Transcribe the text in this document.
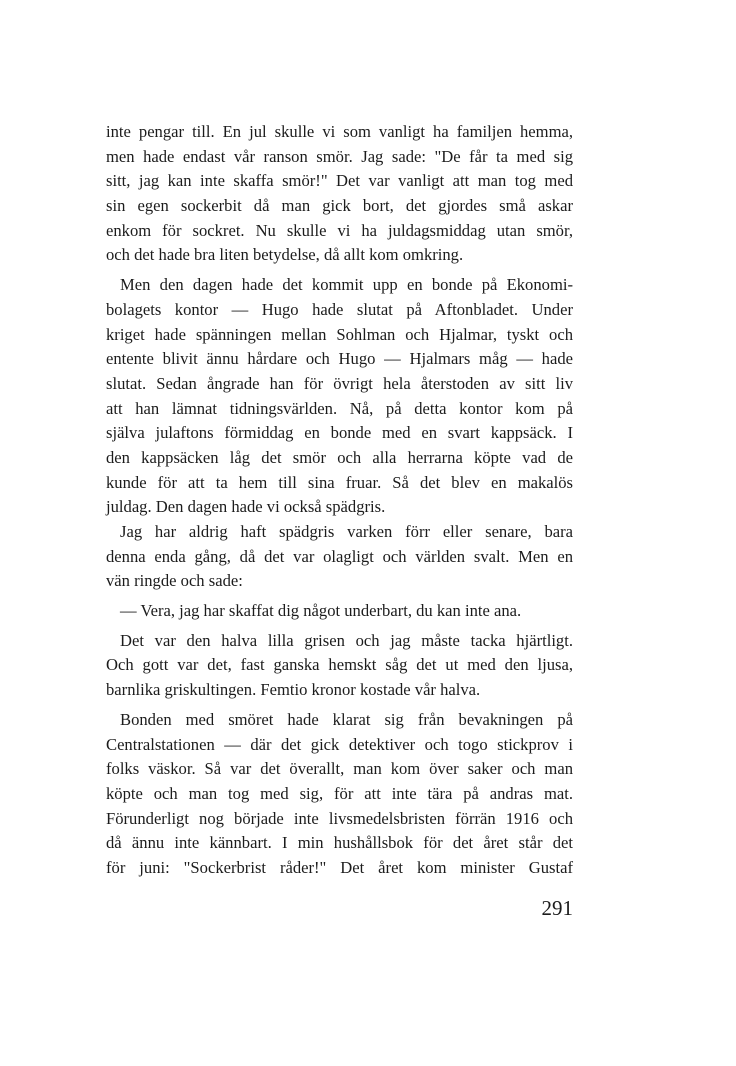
inte pengar till. En jul skulle vi som vanligt ha familjen hemma,
men hade endast vår ranson smör. Jag sade: "De får ta med sig
sitt, jag kan inte skaffa smör!" Det var vanligt att man tog med
sin egen sockerbit då man gick bort, det gjordes små askar
enkom för sockret. Nu skulle vi ha juldagsmiddag utan smör,
och det hade bra liten betydelse, då allt kom omkring.
Men den dagen hade det kommit upp en bonde på Ekonomi-
bolagets kontor — Hugo hade slutat på Aftonbladet. Under
kriget hade spänningen mellan Sohlman och Hjalmar, tyskt och
entente blivit ännu hårdare och Hugo — Hjalmars måg — hade
slutat. Sedan ångrade han för övrigt hela återstoden av sitt liv
att han lämnat tidningsvärlden. Nå, på detta kontor kom på
själva julaftons förmiddag en bonde med en svart kappsäck. I
den kappsäcken låg det smör och alla herrarna köpte vad de
kunde för att ta hem till sina fruar. Så det blev en makalös
juldag. Den dagen hade vi också spädgris.
Jag har aldrig haft spädgris varken förr eller senare, bara
denna enda gång, då det var olagligt och världen svalt. Men en
vän ringde och sade:
— Vera, jag har skaffat dig något underbart, du kan inte ana.
Det var den halva lilla grisen och jag måste tacka hjärtligt.
Och gott var det, fast ganska hemskt såg det ut med den ljusa,
barnlika griskultingen. Femtio kronor kostade vår halva.
Bonden med smöret hade klarat sig från bevakningen på
Centralstationen — där det gick detektiver och togo stickprov i
folks väskor. Så var det överallt, man kom över saker och man
köpte och man tog med sig, för att inte tära på andras mat.
Förunderligt nog började inte livsmedelsbristen förrän 1916 och
då ännu inte kännbart. I min hushållsbok för det året står det
för juni: "Sockerbrist råder!" Det året kom minister Gustaf
291
